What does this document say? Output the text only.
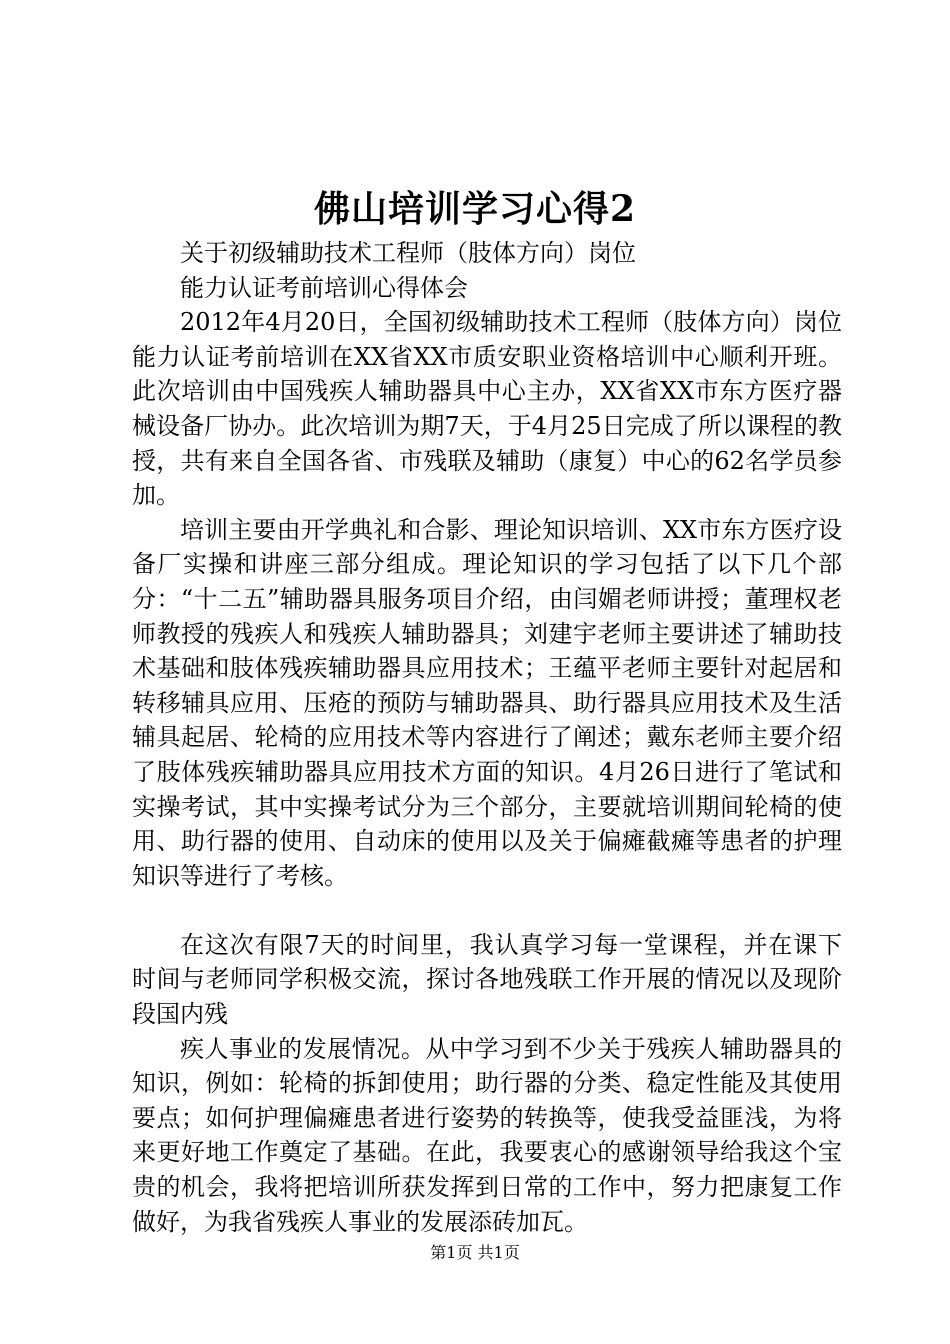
佛山培训学习心得2

关于初级辅助技术工程师（肢体方向）岗位

能力认证考前培训心得体会

2012年4月20日，全国初级辅助技术工程师（肢体方向）岗位能力认证考前培训在XX省XX市质安职业资格培训中心顺利开班。此次培训由中国残疾人辅助器具中心主办，XX省XX市东方医疗器械设备厂协办。此次培训为期7天，于4月25日完成了所以课程的教授，共有来自全国各省、市残联及辅助（康复）中心的62名学员参加。

培训主要由开学典礼和合影、理论知识培训、XX市东方医疗设备厂实操和讲座三部分组成。理论知识的学习包括了以下几个部分：“十二五”辅助器具服务项目介绍，由闫媚老师讲授；董理权老师教授的残疾人和残疾人辅助器具；刘建宇老师主要讲述了辅助技术基础和肢体残疾辅助器具应用技术；王蕴平老师主要针对起居和转移辅具应用、压疮的预防与辅助器具、助行器具应用技术及生活辅具起居、轮椅的应用技术等内容进行了阐述；戴东老师主要介绍了肢体残疾辅助器具应用技术方面的知识。4月26日进行了笔试和实操考试，其中实操考试分为三个部分，主要就培训期间轮椅的使用、助行器的使用、自动床的使用以及关于偏瘫截瘫等患者的护理知识等进行了考核。

在这次有限7天的时间里，我认真学习每一堂课程，并在课下时间与老师同学积极交流，探讨各地残联工作开展的情况以及现阶段国内残

疾人事业的发展情况。从中学习到不少关于残疾人辅助器具的知识，例如：轮椅的拆卸使用；助行器的分类、稳定性能及其使用要点；如何护理偏瘫患者进行姿势的转换等，使我受益匪浅，为将来更好地工作奠定了基础。在此，我要衷心的感谢领导给我这个宝贵的机会，我将把培训所获发挥到日常的工作中，努力把康复工作做好，为我省残疾人事业的发展添砖加瓦。

第1页 共1页
